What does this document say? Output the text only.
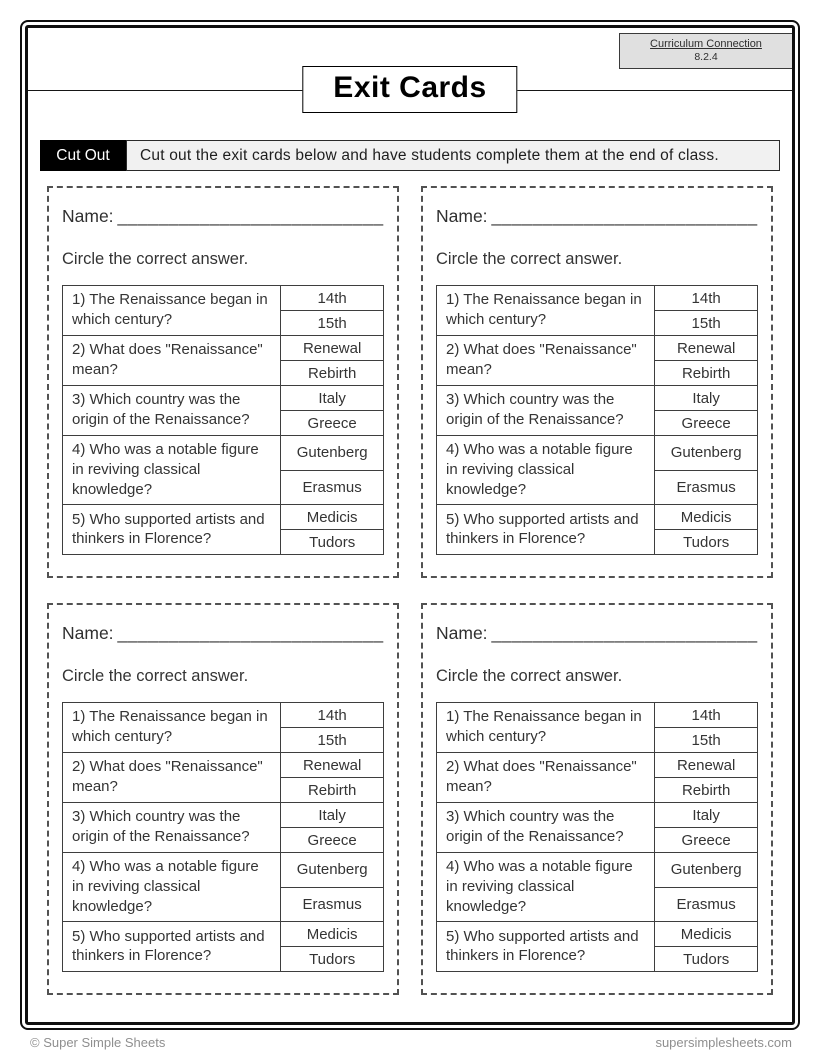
Curriculum Connection
8.2.4
Exit Cards
Cut Out	Cut out the exit cards below and have students complete them at the end of class.
Name: __________________________
Circle the correct answer.
1) The Renaissance began in which century?	14th
	15th
2) What does "Renaissance" mean?	Renewal
	Rebirth
3) Which country was the origin of the Renaissance?	Italy
	Greece
4) Who was a notable figure in reviving classical knowledge?	Gutenberg
	Erasmus
5) Who supported artists and thinkers in Florence?	Medicis
	Tudors
Name: __________________________
Circle the correct answer.
1) The Renaissance began in which century?	14th
	15th
2) What does "Renaissance" mean?	Renewal
	Rebirth
3) Which country was the origin of the Renaissance?	Italy
	Greece
4) Who was a notable figure in reviving classical knowledge?	Gutenberg
	Erasmus
5) Who supported artists and thinkers in Florence?	Medicis
	Tudors
Name: __________________________
Circle the correct answer.
1) The Renaissance began in which century?	14th
	15th
2) What does "Renaissance" mean?	Renewal
	Rebirth
3) Which country was the origin of the Renaissance?	Italy
	Greece
4) Who was a notable figure in reviving classical knowledge?	Gutenberg
	Erasmus
5) Who supported artists and thinkers in Florence?	Medicis
	Tudors
Name: __________________________
Circle the correct answer.
1) The Renaissance began in which century?	14th
	15th
2) What does "Renaissance" mean?	Renewal
	Rebirth
3) Which country was the origin of the Renaissance?	Italy
	Greece
4) Who was a notable figure in reviving classical knowledge?	Gutenberg
	Erasmus
5) Who supported artists and thinkers in Florence?	Medicis
	Tudors
© Super Simple Sheets	supersimplesheets.com
